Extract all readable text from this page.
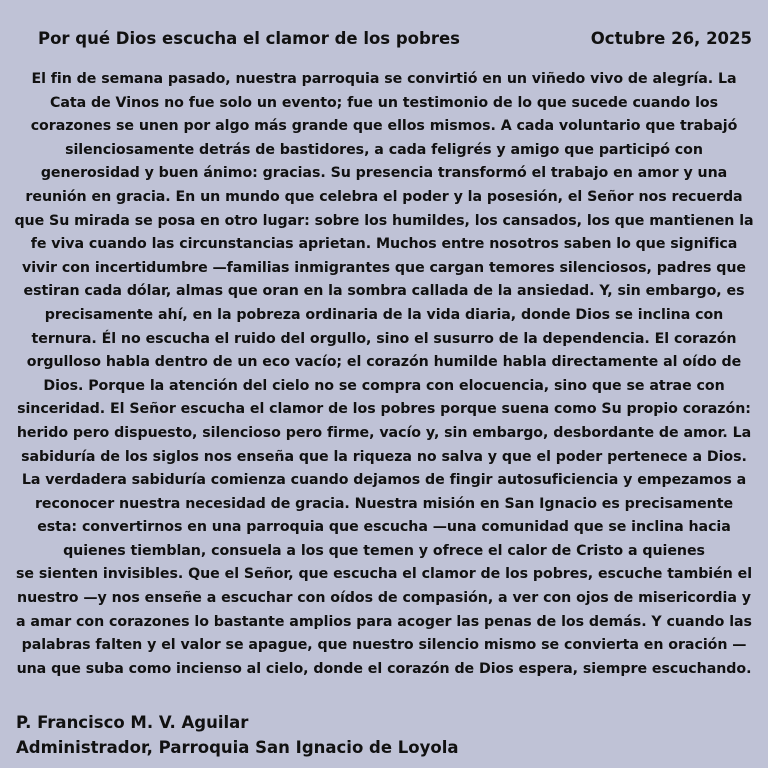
Por qué Dios escucha el clamor de los pobres	Octubre 26, 2025
El fin de semana pasado, nuestra parroquia se convirtió en un viñedo vivo de alegría. La
Cata de Vinos no fue solo un evento; fue un testimonio de lo que sucede cuando los
corazones se unen por algo más grande que ellos mismos. A cada voluntario que trabajó
silenciosamente detrás de bastidores, a cada feligrés y amigo que participó con
generosidad y buen ánimo: gracias. Su presencia transformó el trabajo en amor y una
reunión en gracia. En un mundo que celebra el poder y la posesión, el Señor nos recuerda
que Su mirada se posa en otro lugar: sobre los humildes, los cansados, los que mantienen la
fe viva cuando las circunstancias aprietan. Muchos entre nosotros saben lo que significa
vivir con incertidumbre —familias inmigrantes que cargan temores silenciosos, padres que
estiran cada dólar, almas que oran en la sombra callada de la ansiedad. Y, sin embargo, es
precisamente ahí, en la pobreza ordinaria de la vida diaria, donde Dios se inclina con
ternura. Él no escucha el ruido del orgullo, sino el susurro de la dependencia. El corazón
orgulloso habla dentro de un eco vacío; el corazón humilde habla directamente al oído de
Dios. Porque la atención del cielo no se compra con elocuencia, sino que se atrae con
sinceridad. El Señor escucha el clamor de los pobres porque suena como Su propio corazón:
herido pero dispuesto, silencioso pero firme, vacío y, sin embargo, desbordante de amor. La
sabiduría de los siglos nos enseña que la riqueza no salva y que el poder pertenece a Dios.
La verdadera sabiduría comienza cuando dejamos de fingir autosuficiencia y empezamos a
reconocer nuestra necesidad de gracia. Nuestra misión en San Ignacio es precisamente
esta: convertirnos en una parroquia que escucha —una comunidad que se inclina hacia
quienes tiemblan, consuela a los que temen y ofrece el calor de Cristo a quienes
se sienten invisibles. Que el Señor, que escucha el clamor de los pobres, escuche también el
nuestro —y nos enseñe a escuchar con oídos de compasión, a ver con ojos de misericordia y
a amar con corazones lo bastante amplios para acoger las penas de los demás. Y cuando las
palabras falten y el valor se apague, que nuestro silencio mismo se convierta en oración —
una que suba como incienso al cielo, donde el corazón de Dios espera, siempre escuchando.
P. Francisco M. V. Aguilar
Administrador, Parroquia San Ignacio de Loyola
